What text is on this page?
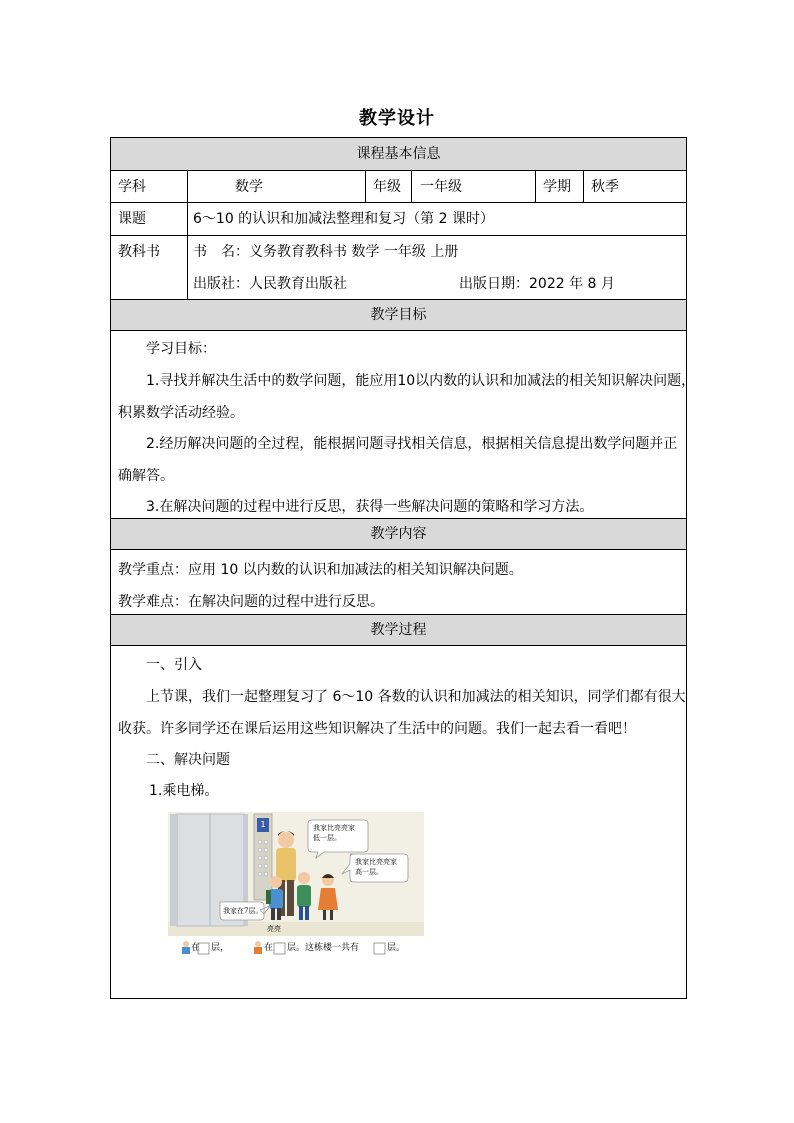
教学设计
课程基本信息
学科	数学	年级 一年级	学期 秋季
课题	6～10 的认识和加减法整理和复习（第 2 课时）
教科书 书　名：义务教育教科书 数学 一年级 上册
出版社：人民教育出版社	出版日期：2022 年 8 月
教学目标
学习目标：
1.寻找并解决生活中的数学问题，能应用10以内数的认识和加减法的相关知识解决问题，
积累数学活动经验。
2.经历解决问题的全过程，能根据问题寻找相关信息，根据相关信息提出数学问题并正
确解答。
3.在解决问题的过程中进行反思，获得一些解决问题的策略和学习方法。
教学内容
教学重点：应用 10 以内数的认识和加减法的相关知识解决问题。
教学难点：在解决问题的过程中进行反思。
教学过程
一、引入
上节课，我们一起整理复习了 6～10 各数的认识和加减法的相关知识，同学们都有很大
收获。许多同学还在课后运用这些知识解决了生活中的问题。我们一起去看一看吧！
二、解决问题
1.乘电梯。
1	我家比亮亮家
低一层。
我家比亮亮家
高一层。
我家在7层。
亮亮
在 层，	在 层。这栋楼一共有	层。
